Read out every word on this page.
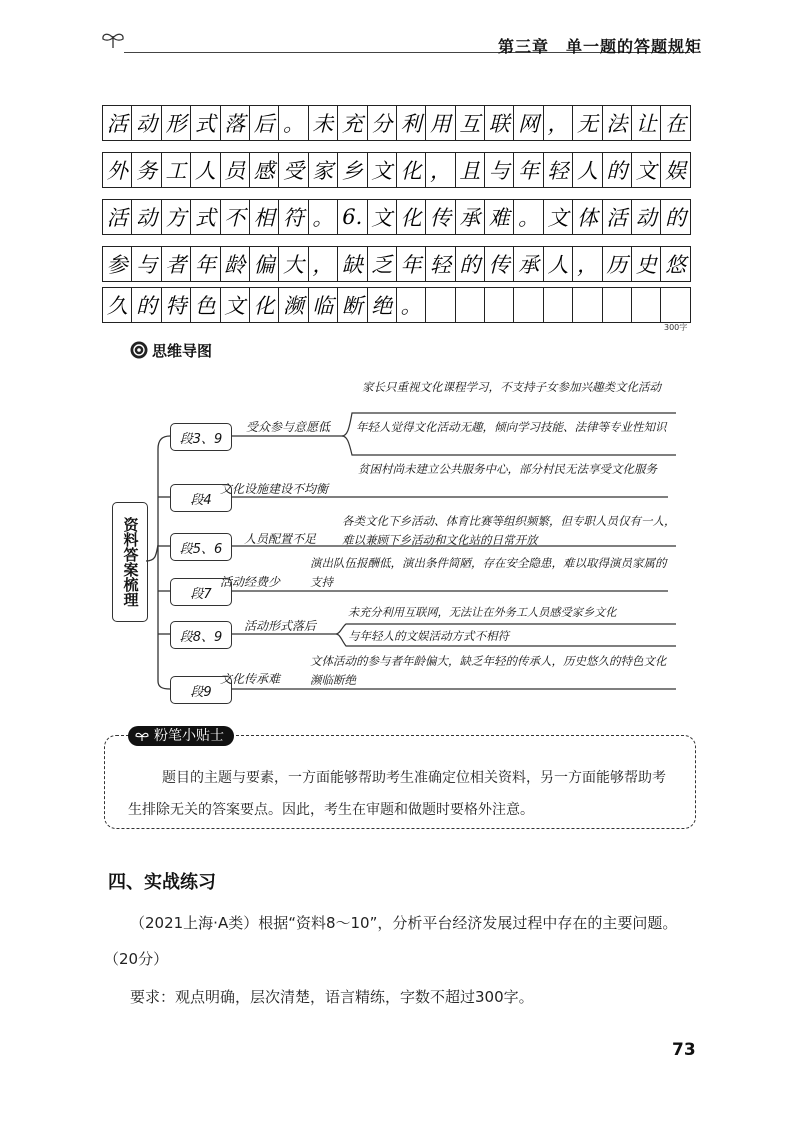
第三章　单一题的答题规矩
活 动 形 式 落 后 。 未 充 分 利 用 互 联 网 ， 无 法 让 在
外 务 工 人 员 感 受 家 乡 文 化 ， 且 与 年 轻 人 的 文 娱
活 动 方 式 不 相 符 。 6. 文 化 传 承 难 。 文 体 活 动 的
参 与 者 年 龄 偏 大 ， 缺 乏 年 轻 的 传 承 人 ， 历 史 悠
久 的 特 色 文 化 濒 临 断 绝 。
300字
思维导图
资料答案梳理
段3、9
受众参与意愿低
家长只重视文化课程学习，不支持子女参加兴趣类文化活动
年轻人觉得文化活动无趣，倾向学习技能、法律等专业性知识
段4
文化设施建设不均衡
贫困村尚未建立公共服务中心，部分村民无法享受文化服务
段5、6
人员配置不足
各类文化下乡活动、体育比赛等组织频繁，但专职人员仅有一人，难以兼顾下乡活动和文化站的日常开放
段7
活动经费少
演出队伍报酬低，演出条件简陋，存在安全隐患，难以取得演员家属的支持
段8、9
活动形式落后
未充分利用互联网，无法让在外务工人员感受家乡文化
与年轻人的文娱活动方式不相符
段9
文化传承难
文体活动的参与者年龄偏大，缺乏年轻的传承人，历史悠久的特色文化濒临断绝
粉笔小贴士
题目的主题与要素，一方面能够帮助考生准确定位相关资料，另一方面能够帮助考生排除无关的答案要点。因此，考生在审题和做题时要格外注意。
四、实战练习
（2021上海·A类）根据“资料8～10”，分析平台经济发展过程中存在的主要问题。（20分）
要求：观点明确，层次清楚，语言精练，字数不超过300字。
73
